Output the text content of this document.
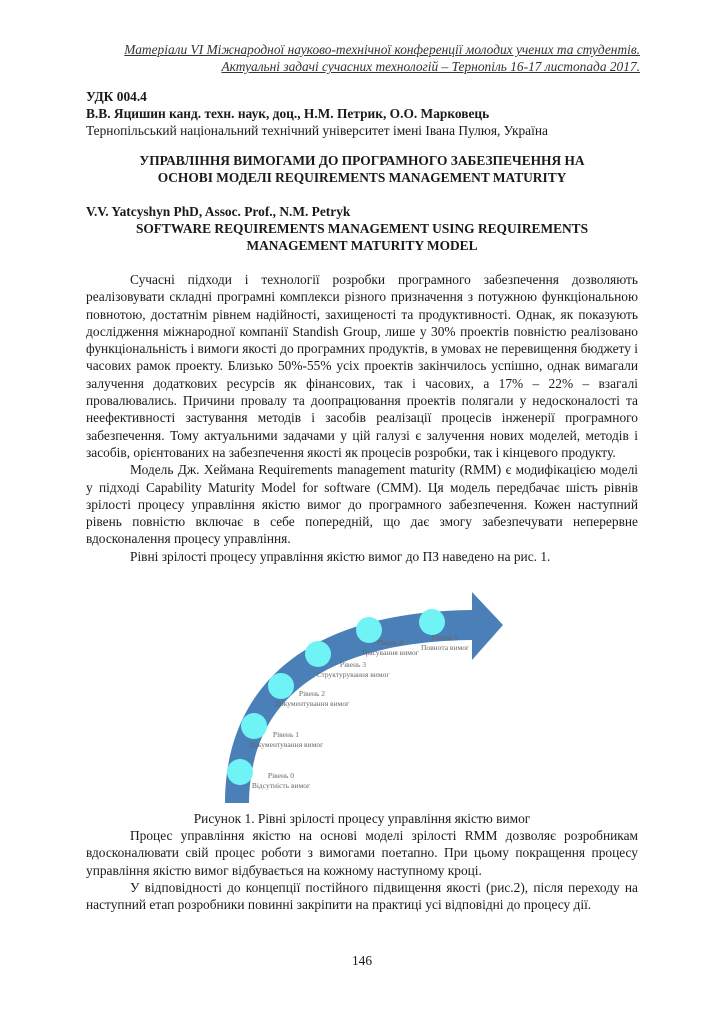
Матеріали VI Міжнародної науково-технічної конференції молодих учених та студентів.
Актуальні задачі сучасних технологій – Тернопіль 16-17 листопада 2017.
УДК 004.4
В.В. Яцишин канд. техн. наук, доц., Н.М. Петрик, О.О. Марковець
Тернопільський національний технічний університет імені Івана Пулюя, Україна
УПРАВЛІННЯ ВИМОГАМИ ДО ПРОГРАМНОГО ЗАБЕЗПЕЧЕННЯ НА
ОСНОВІ МОДЕЛІ REQUIREMENTS MANAGEMENT MATURITY
V.V. Yatcyshyn PhD, Assoc. Prof., N.M. Petryk
SOFTWARE REQUIREMENTS MANAGEMENT USING REQUIREMENTS
MANAGEMENT MATURITY MODEL

Сучасні підходи і технології розробки програмного забезпечення дозволяють реалізовувати складні програмні комплекси різного призначення з потужною функціональною повнотою, достатнім рівнем надійності, захищеності та продуктивності. Однак, як показують дослідження міжнародної компанії Standish Group, лише у 30% проектів повністю реалізовано функціональність і вимоги якості до програмних продуктів, в умовах не перевищення бюджету і часових рамок проекту. Близько 50%-55% усіх проектів закінчилось успішно, однак вимагали залучення додаткових ресурсів як фінансових, так і часових, а 17% – 22% – взагалі провалювались. Причини провалу та доопрацювання проектів полягали у недосконалості та неефективності застування методів і засобів реалізації процесів інженерії програмного забезпечення. Тому актуальними задачами у цій галузі є залучення нових моделей, методів і засобів, орієнтованих на забезпечення якості як процесів розробки, так і кінцевого продукту.

Модель Дж. Хеймана Requirements management maturity (RMM) є модифікацією моделі у підході Capability Maturity Model for software (CMM). Ця модель передбачає шість рівнів зрілості процесу управління якістю вимог до програмного забезпечення. Кожен наступний рівень повністю включає в себе попередній, що дає змогу забезпечувати неперервне вдосконалення процесу управління.

Рівні зрілості процесу управління якістю вимог до ПЗ наведено на рис. 1.

Рівень 0
Відсутність вимог
Рівень 1
Документування вимог
Рівень 2
Документування вимог
Рівень 3
Структурування вимог
Рівень 4
Трасування вимог
Рівень 5
Повнота вимог
Рисунок 1. Рівні зрілості процесу управління якістю вимог

Процес управління якістю на основі моделі зрілості RMM дозволяє розробникам вдосконалювати свій процес роботи з вимогами поетапно. При цьому покращення процесу управління якістю вимог відбувається на кожному наступному кроці.

У відповідності до концепції постійного підвищення якості (рис.2), після переходу на наступний етап розробники повинні закріпити на практиці усі відповідні до процесу дії.

146
